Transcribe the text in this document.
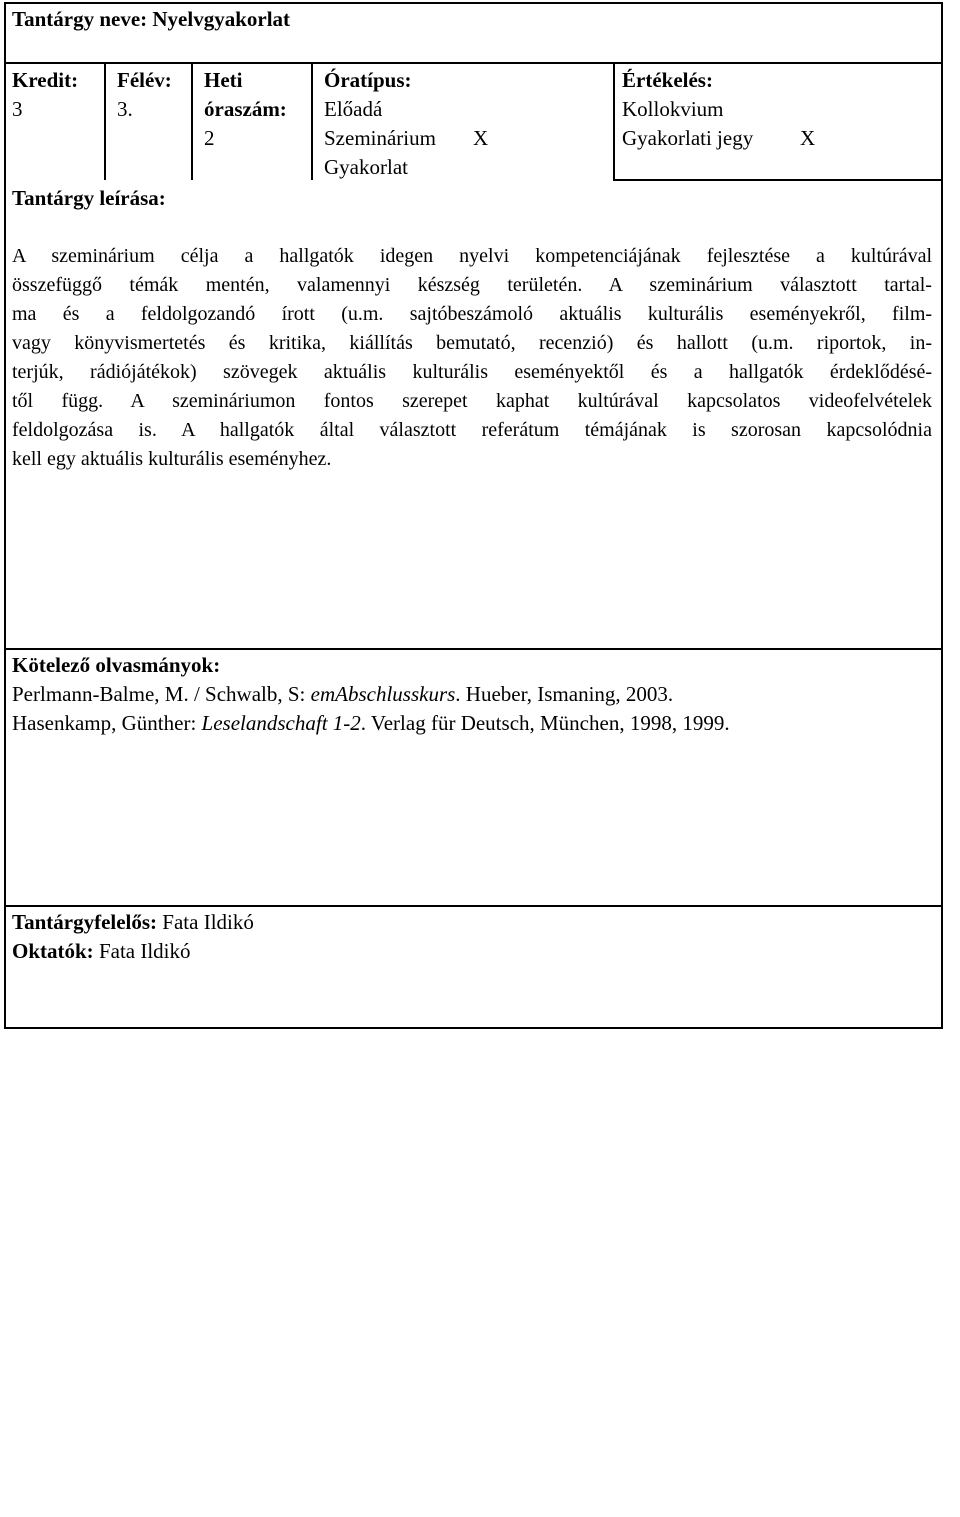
Tantárgy neve: Nyelvgyakorlat
Kredit:
3
Félév:
3.
Heti
óraszám:
2
Óratípus:
Előadá
Szeminárium X
Gyakorlat
Értékelés:
Kollokvium
Gyakorlati jegy X
Tantárgy leírása:
A szeminárium célja a hallgatók idegen nyelvi kompetenciájának fejlesztése a kultúrával
összefüggő témák mentén, valamennyi készség területén. A szeminárium választott tartal-
ma és a feldolgozandó írott (u.m. sajtóbeszámoló aktuális kulturális eseményekről, film-
vagy könyvismertetés és kritika, kiállítás bemutató, recenzió) és hallott (u.m. riportok, in-
terjúk, rádiójátékok) szövegek aktuális kulturális eseményektől és a hallgatók érdeklődésé-
től függ. A szemináriumon fontos szerepet kaphat kultúrával kapcsolatos videofelvételek
feldolgozása is. A hallgatók által választott referátum témájának is szorosan kapcsolódnia
kell egy aktuális kulturális eseményhez.
Kötelező olvasmányok:
Perlmann-Balme, M. / Schwalb, S: emAbschlusskurs. Hueber, Ismaning, 2003.
Hasenkamp, Günther: Leselandschaft 1-2. Verlag für Deutsch, München, 1998, 1999.
Tantárgyfelelős: Fata Ildikó
Oktatók: Fata Ildikó
